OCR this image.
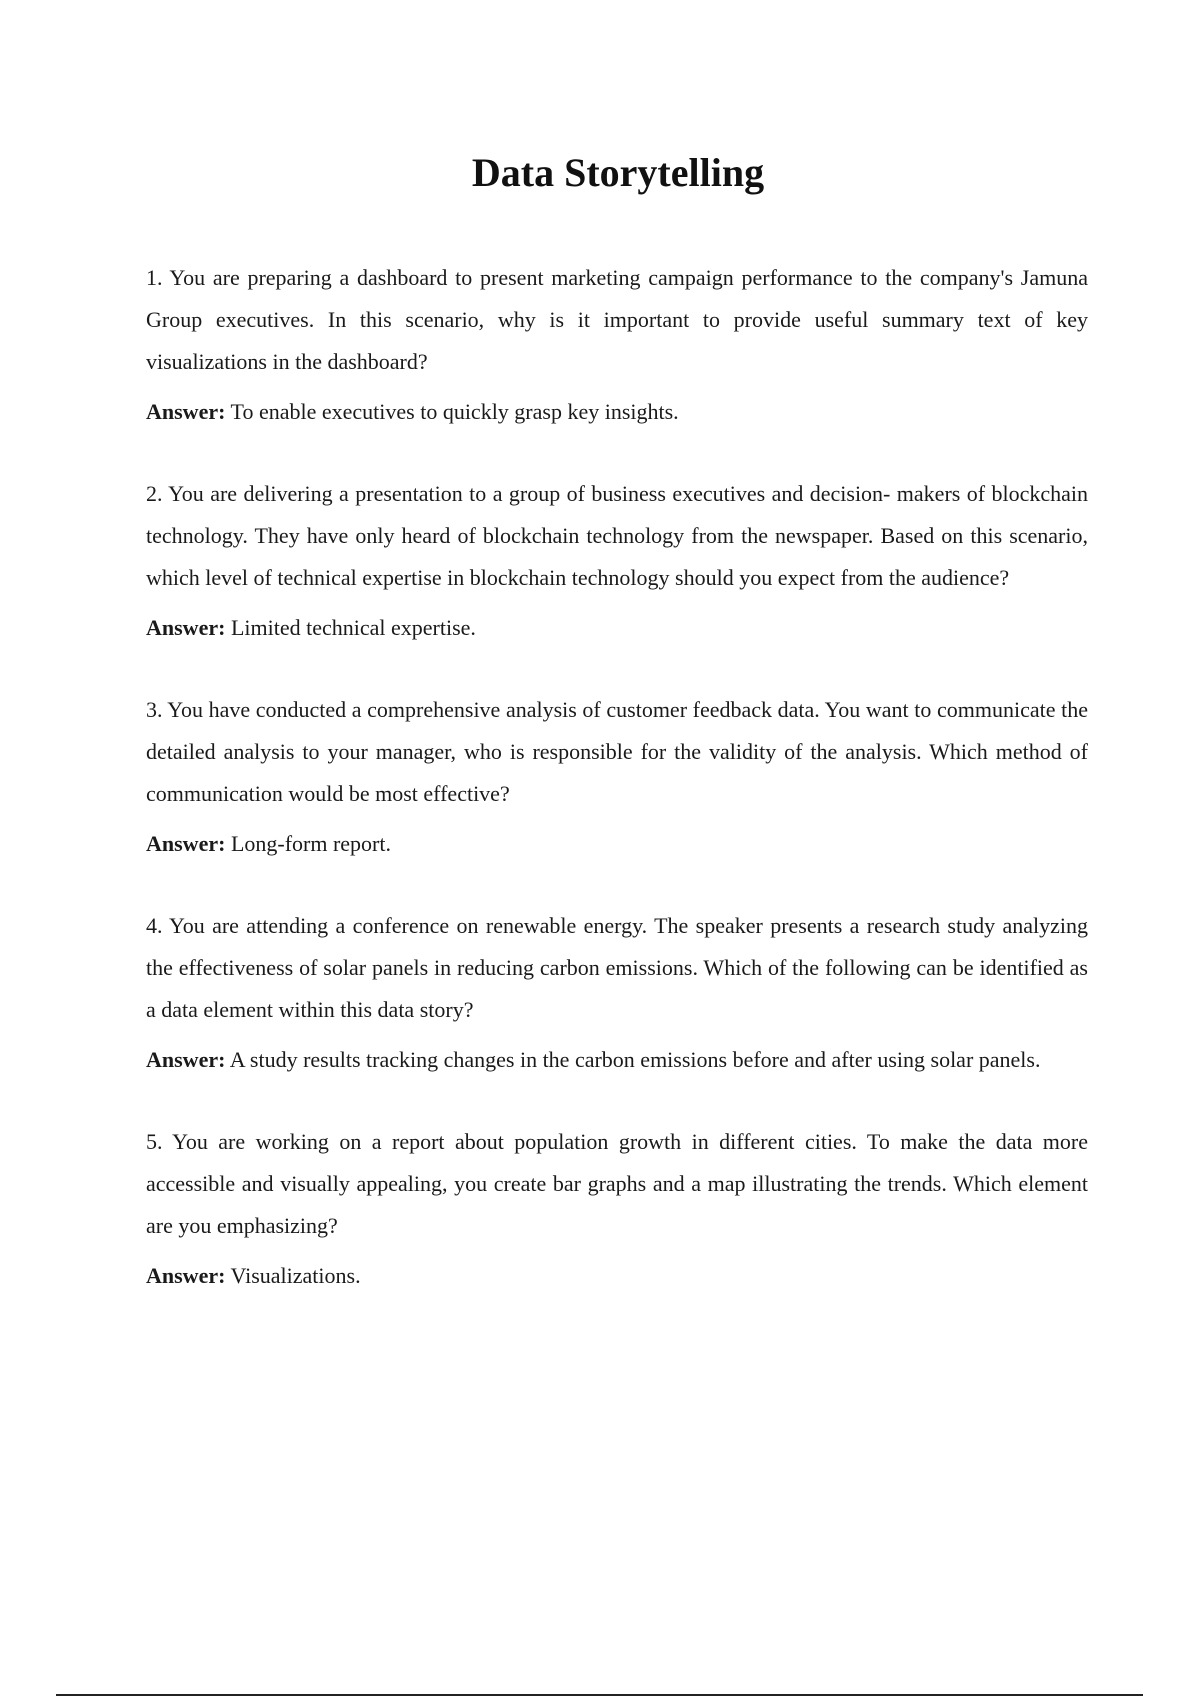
Data Storytelling

1. You are preparing a dashboard to present marketing campaign performance to the company's Jamuna Group executives. In this scenario, why is it important to provide useful summary text of key visualizations in the dashboard?

Answer: To enable executives to quickly grasp key insights.

2. You are delivering a presentation to a group of business executives and decision- makers of blockchain technology. They have only heard of blockchain technology from the newspaper. Based on this scenario, which level of technical expertise in blockchain technology should you expect from the audience?

Answer: Limited technical expertise.

3. You have conducted a comprehensive analysis of customer feedback data. You want to communicate the detailed analysis to your manager, who is responsible for the validity of the analysis. Which method of communication would be most effective?

Answer: Long-form report.

4. You are attending a conference on renewable energy. The speaker presents a research study analyzing the effectiveness of solar panels in reducing carbon emissions. Which of the following can be identified as a data element within this data story?

Answer: A study results tracking changes in the carbon emissions before and after using solar panels.

5. You are working on a report about population growth in different cities. To make the data more accessible and visually appealing, you create bar graphs and a map illustrating the trends. Which element are you emphasizing?

Answer: Visualizations.
